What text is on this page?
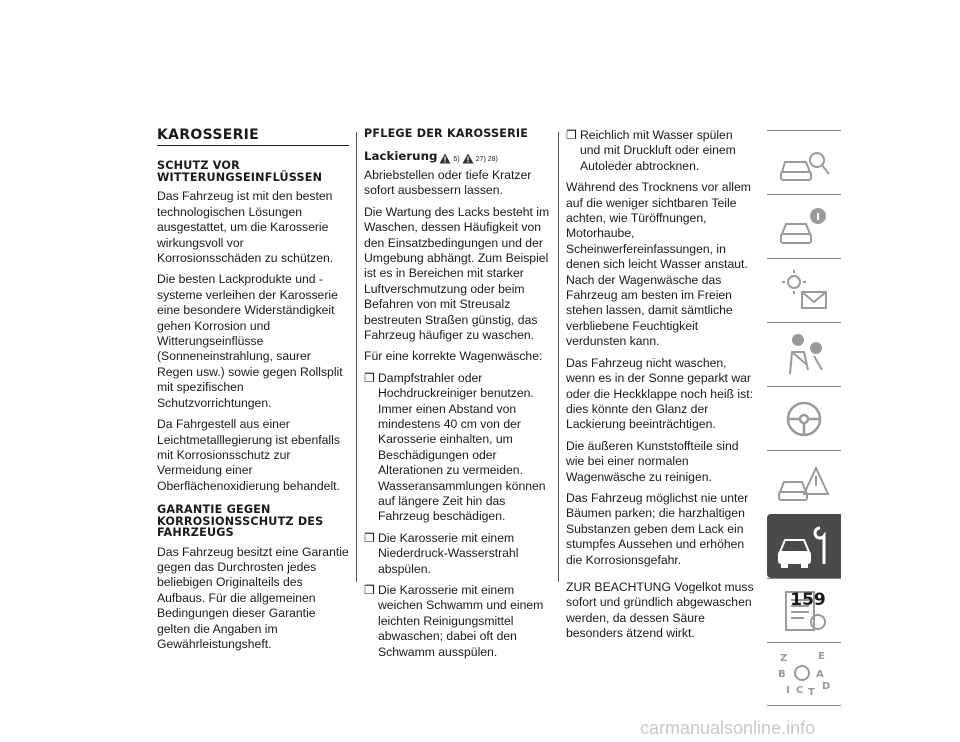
KAROSSERIE
SCHUTZ VOR WITTERUNGSEINFLÜSSEN

Das Fahrzeug ist mit den besten technologischen Lösungen ausgestattet, um die Karosserie wirkungsvoll vor Korrosionsschäden zu schützen.

Die besten Lackprodukte und -systeme verleihen der Karosserie eine besondere Widerständigkeit gehen Korrosion und Witterungseinflüsse (Sonneneinstrahlung, saurer Regen usw.) sowie gegen Rollsplit mit spezifischen Schutzvorrichtungen.

Da Fahrgestell aus einer Leichtmetalllegierung ist ebenfalls mit Korrosionsschutz zur Vermeidung einer Oberflächenoxidierung behandelt.

GARANTIE GEGEN KORROSIONSSCHUTZ DES FAHRZEUGS

Das Fahrzeug besitzt eine Garantie gegen das Durchrosten jedes beliebigen Originalteils des Aufbaus. Für die allgemeinen Bedingungen dieser Garantie gelten die Angaben im Gewährleistungsheft.

PFLEGE DER KAROSSERIE
Lackierung 5) 27) 28)

Abriebstellen oder tiefe Kratzer sofort ausbessern lassen.

Die Wartung des Lacks besteht im Waschen, dessen Häufigkeit von den Einsatzbedingungen und der Umgebung abhängt. Zum Beispiel ist es in Bereichen mit starker Luftverschmutzung oder beim Befahren von mit Streusalz bestreuten Straßen günstig, das Fahrzeug häufiger zu waschen.

Für eine korrekte Wagenwäsche:

❒ Dampfstrahler oder Hochdruckreiniger benutzen. Immer einen Abstand von mindestens 40 cm von der Karosserie einhalten, um Beschädigungen oder Alterationen zu vermeiden. Wasseransammlungen können auf längere Zeit hin das Fahrzeug beschädigen.
❒ Die Karosserie mit einem Niederdruck-Wasserstrahl abspülen.
❒ Die Karosserie mit einem weichen Schwamm und einem leichten Reinigungsmittel abwaschen; dabei oft den Schwamm ausspülen.
❒ Reichlich mit Wasser spülen und mit Druckluft oder einem Autoleder abtrocknen.

Während des Trocknens vor allem auf die weniger sichtbaren Teile achten, wie Türöffnungen, Motorhaube, Scheinwerfereinfassungen, in denen sich leicht Wasser anstaut. Nach der Wagenwäsche das Fahrzeug am besten im Freien stehen lassen, damit sämtliche verbliebene Feuchtigkeit verdunsten kann.

Das Fahrzeug nicht waschen, wenn es in der Sonne geparkt war oder die Heckklappe noch heiß ist: dies könnte den Glanz der Lackierung beeinträchtigen.

Die äußeren Kunststoffteile sind wie bei einer normalen Wagenwäsche zu reinigen.

Das Fahrzeug möglichst nie unter Bäumen parken; die harzhaltigen Substanzen geben dem Lack ein stumpfes Aussehen und erhöhen die Korrosionsgefahr.

ZUR BEACHTUNG Vogelkot muss sofort und gründlich abgewaschen werden, da dessen Säure besonders ätzend wirkt.

Z	E
B	A
I C T
D
159
carmanualsonline.info
